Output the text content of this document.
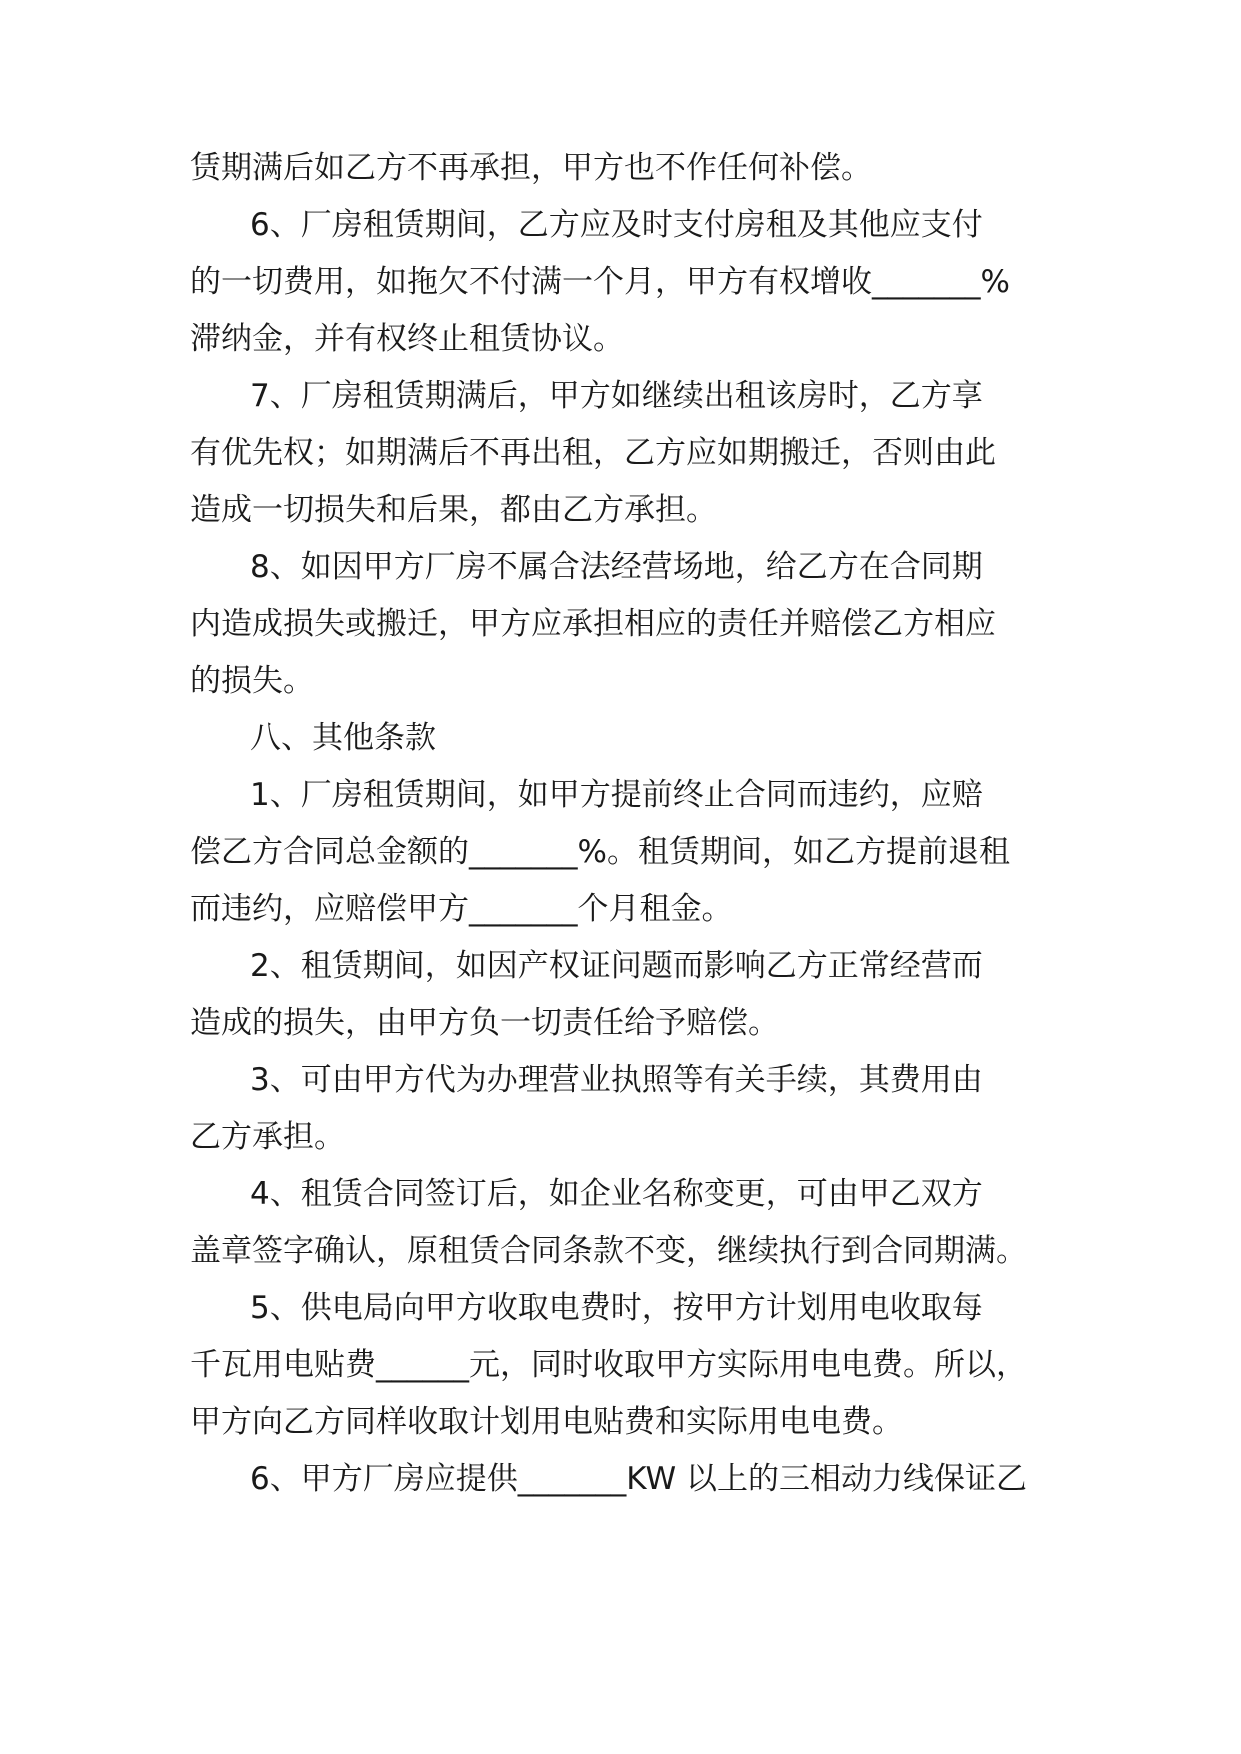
赁期满后如乙方不再承担，甲方也不作任何补偿。
6、厂房租赁期间，乙方应及时支付房租及其他应支付
的一切费用，如拖欠不付满一个月，甲方有权增收_______%
滞纳金，并有权终止租赁协议。
7、厂房租赁期满后，甲方如继续出租该房时，乙方享
有优先权；如期满后不再出租，乙方应如期搬迁，否则由此
造成一切损失和后果，都由乙方承担。
8、如因甲方厂房不属合法经营场地，给乙方在合同期
内造成损失或搬迁，甲方应承担相应的责任并赔偿乙方相应
的损失。
八、其他条款
1、厂房租赁期间，如甲方提前终止合同而违约，应赔
偿乙方合同总金额的_______%。租赁期间，如乙方提前退租
而违约，应赔偿甲方_______个月租金。
2、租赁期间，如因产权证问题而影响乙方正常经营而
造成的损失，由甲方负一切责任给予赔偿。
3、可由甲方代为办理营业执照等有关手续，其费用由
乙方承担。
4、租赁合同签订后，如企业名称变更，可由甲乙双方
盖章签字确认，原租赁合同条款不变，继续执行到合同期满。
5、供电局向甲方收取电费时，按甲方计划用电收取每
千瓦用电贴费______元，同时收取甲方实际用电电费。所以，
甲方向乙方同样收取计划用电贴费和实际用电电费。
6、甲方厂房应提供_______KW 以上的三相动力线保证乙
